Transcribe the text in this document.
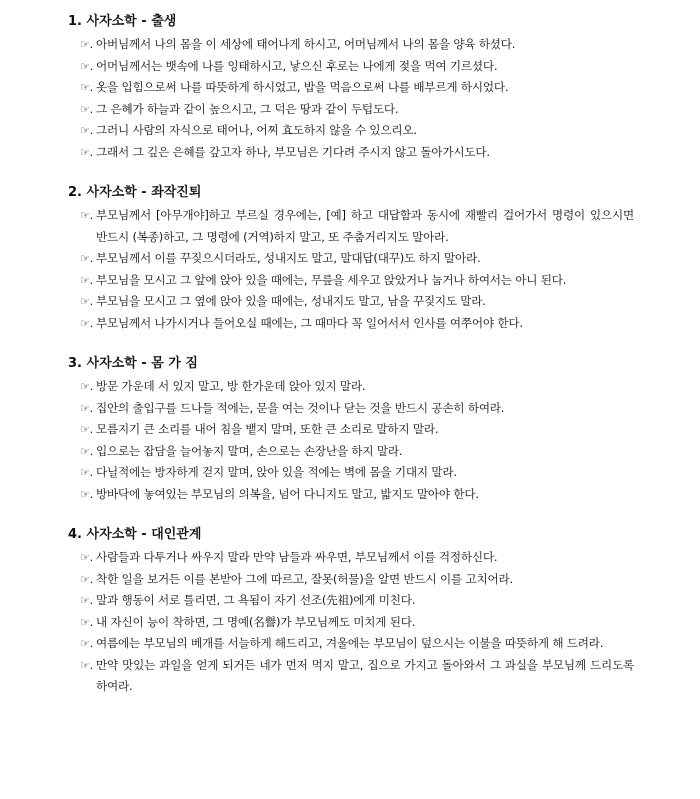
1. 사자소학 - 출생
☞. 아버님께서 나의 몸을 이 세상에 태어나게 하시고, 어머님께서 나의 몸을 양육 하셨다.
☞. 어머님께서는 뱃속에 나를 잉태하시고, 낳으신 후로는 나에게 젖을 먹여 기르셨다.
☞. 옷을 입힘으로써 나를 따뜻하게 하시었고, 밥을 먹음으로써 나를 배부르게 하시었다.
☞. 그 은혜가 하늘과 같이 높으시고, 그 덕은 땅과 같이 두텁도다.
☞. 그러니 사람의 자식으로 태어나, 어찌 효도하지 않을 수 있으리오.
☞. 그래서 그 깊은 은혜를 갚고자 하나, 부모님은 기다려 주시지 않고 돌아가시도다.
2. 사자소학 - 좌작진퇴
☞. 부모님께서 [아무개야]하고 부르실 경우에는, [예] 하고 대답함과 동시에 재빨리 걸어가서 명령이 있으시면 반드시 (복종)하고, 그 명령에 (거역)하지 말고, 또 주춤거리지도 말아라.
☞. 부모님께서 이를 꾸짖으시더라도, 성내지도 말고, 말대답(대꾸)도 하지 말아라.
☞. 부모님을 모시고 그 앞에 앉아 있을 때에는, 무릎을 세우고 앉았거나 눕거나 하여서는 아니 된다.
☞. 부모님을 모시고 그 옆에 앉아 있을 때에는, 성내지도 말고, 남을 꾸짖지도 말라.
☞. 부모님께서 나가시거나 들어오실 때에는, 그 때마다 꼭 일어서서 인사를 여쭈어야 한다.
3. 사자소학 - 몸 가 짐
☞. 방문 가운데 서 있지 말고, 방 한가운데 앉아 있지 말라.
☞. 집안의 출입구를 드나들 적에는, 문을 여는 것이나 닫는 것을 반드시 공손히 하여라.
☞. 모름지기 큰 소리를 내어 침을 뱉지 말며, 또한 큰 소리로 말하지 말라.
☞. 입으로는 잡담을 늘어놓지 말며, 손으로는 손장난을 하지 말라.
☞. 다닐적에는 방자하게 걷지 말며, 앉아 있을 적에는 벽에 몸을 기대지 말라.
☞. 방바닥에 놓여있는 부모님의 의복을, 넘어 다니지도 말고, 밟지도 말아야 한다.
4. 사자소학 - 대인관계
☞. 사람들과 다투거나 싸우지 말라 만약 남들과 싸우면, 부모님께서 이를 걱정하신다.
☞. 착한 일을 보거든 이를 본받아 그에 따르고, 잘못(허물)을 알면 반드시 이를 고치어라.
☞. 말과 행동이 서로 틀리면, 그 욕됨이 자기 선조(先祖)에게 미친다.
☞. 내 자신이 능이 착하면, 그 명예(名譽)가 부모님께도 미치게 된다.
☞. 여름에는 부모님의 베개를 서늘하게 해드리고, 겨울에는 부모님이 덮으시는 이불을 따뜻하게 해 드려라.
☞. 만약 맛있는 과일을 얻게 되거든 네가 먼저 먹지 말고, 집으로 가지고 돌아와서 그 과실을 부모님께 드리도록 하여라.
